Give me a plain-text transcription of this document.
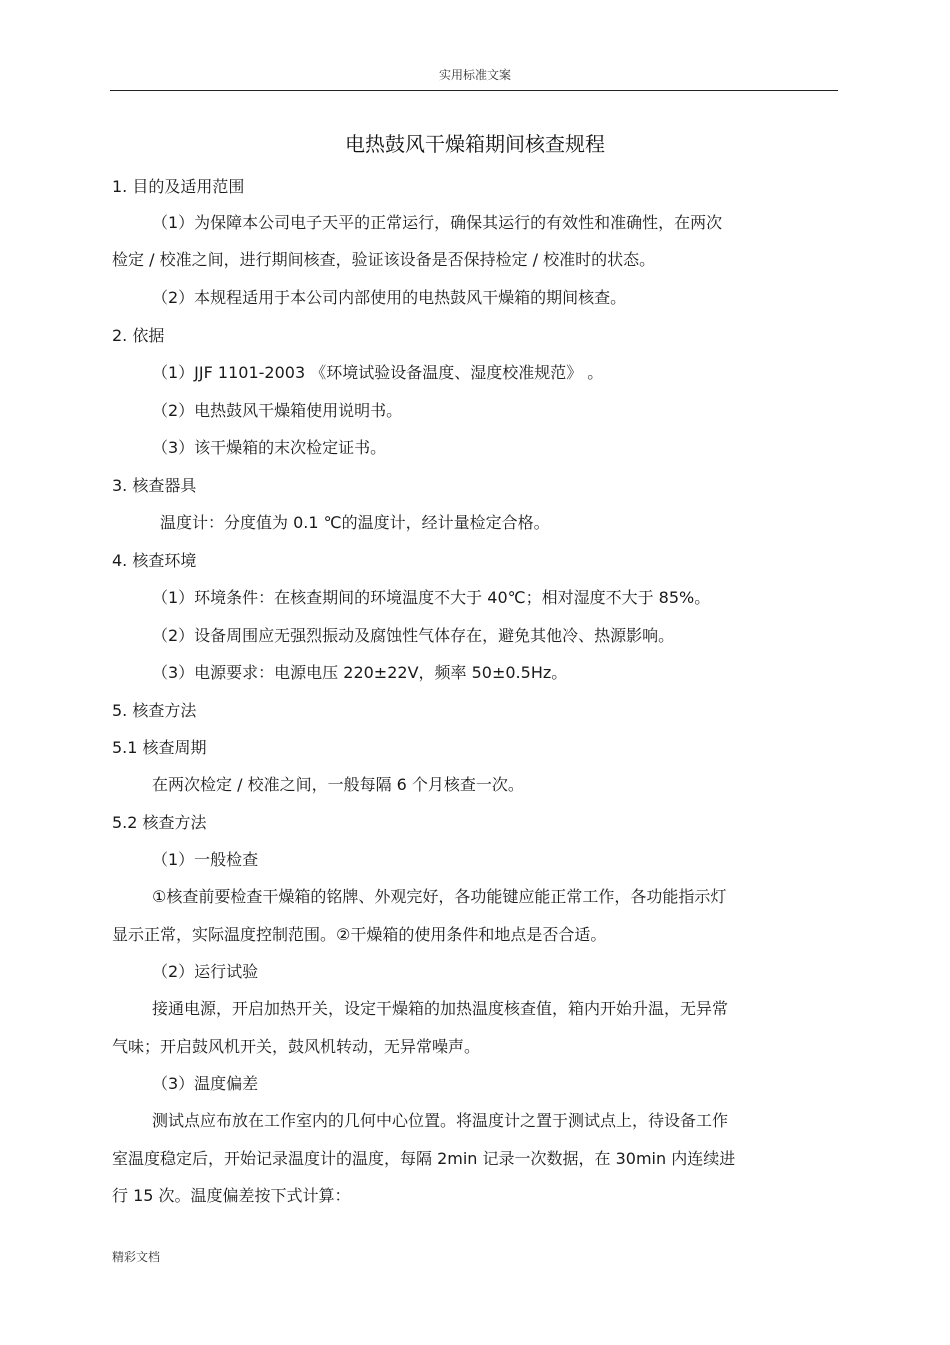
实用标准文案
电热鼓风干燥箱期间核查规程
1. 目的及适用范围
（1）为保障本公司电子天平的正常运行，确保其运行的有效性和准确性，在两次
检定 / 校准之间，进行期间核查，验证该设备是否保持检定 / 校准时的状态。
（2）本规程适用于本公司内部使用的电热鼓风干燥箱的期间核查。
2. 依据
（1）JJF 1101-2003 《环境试验设备温度、湿度校准规范》 。
（2）电热鼓风干燥箱使用说明书。
（3）该干燥箱的末次检定证书。
3. 核查器具
温度计：分度值为 0.1 ℃的温度计，经计量检定合格。
4. 核查环境
（1）环境条件：在核查期间的环境温度不大于 40℃；相对湿度不大于 85%。
（2）设备周围应无强烈振动及腐蚀性气体存在，避免其他冷、热源影响。
（3）电源要求：电源电压 220±22V，频率 50±0.5Hz。
5. 核查方法
5.1 核查周期
在两次检定 / 校准之间，一般每隔 6 个月核查一次。
5.2 核查方法
（1）一般检查
①核查前要检查干燥箱的铭牌、外观完好，各功能键应能正常工作，各功能指示灯
显示正常，实际温度控制范围。②干燥箱的使用条件和地点是否合适。
（2）运行试验
接通电源，开启加热开关，设定干燥箱的加热温度核查值，箱内开始升温，无异常
气味；开启鼓风机开关，鼓风机转动，无异常噪声。
（3）温度偏差
测试点应布放在工作室内的几何中心位置。将温度计之置于测试点上，待设备工作
室温度稳定后，开始记录温度计的温度，每隔 2min 记录一次数据，在 30min 内连续进
行 15 次。温度偏差按下式计算：
精彩文档
